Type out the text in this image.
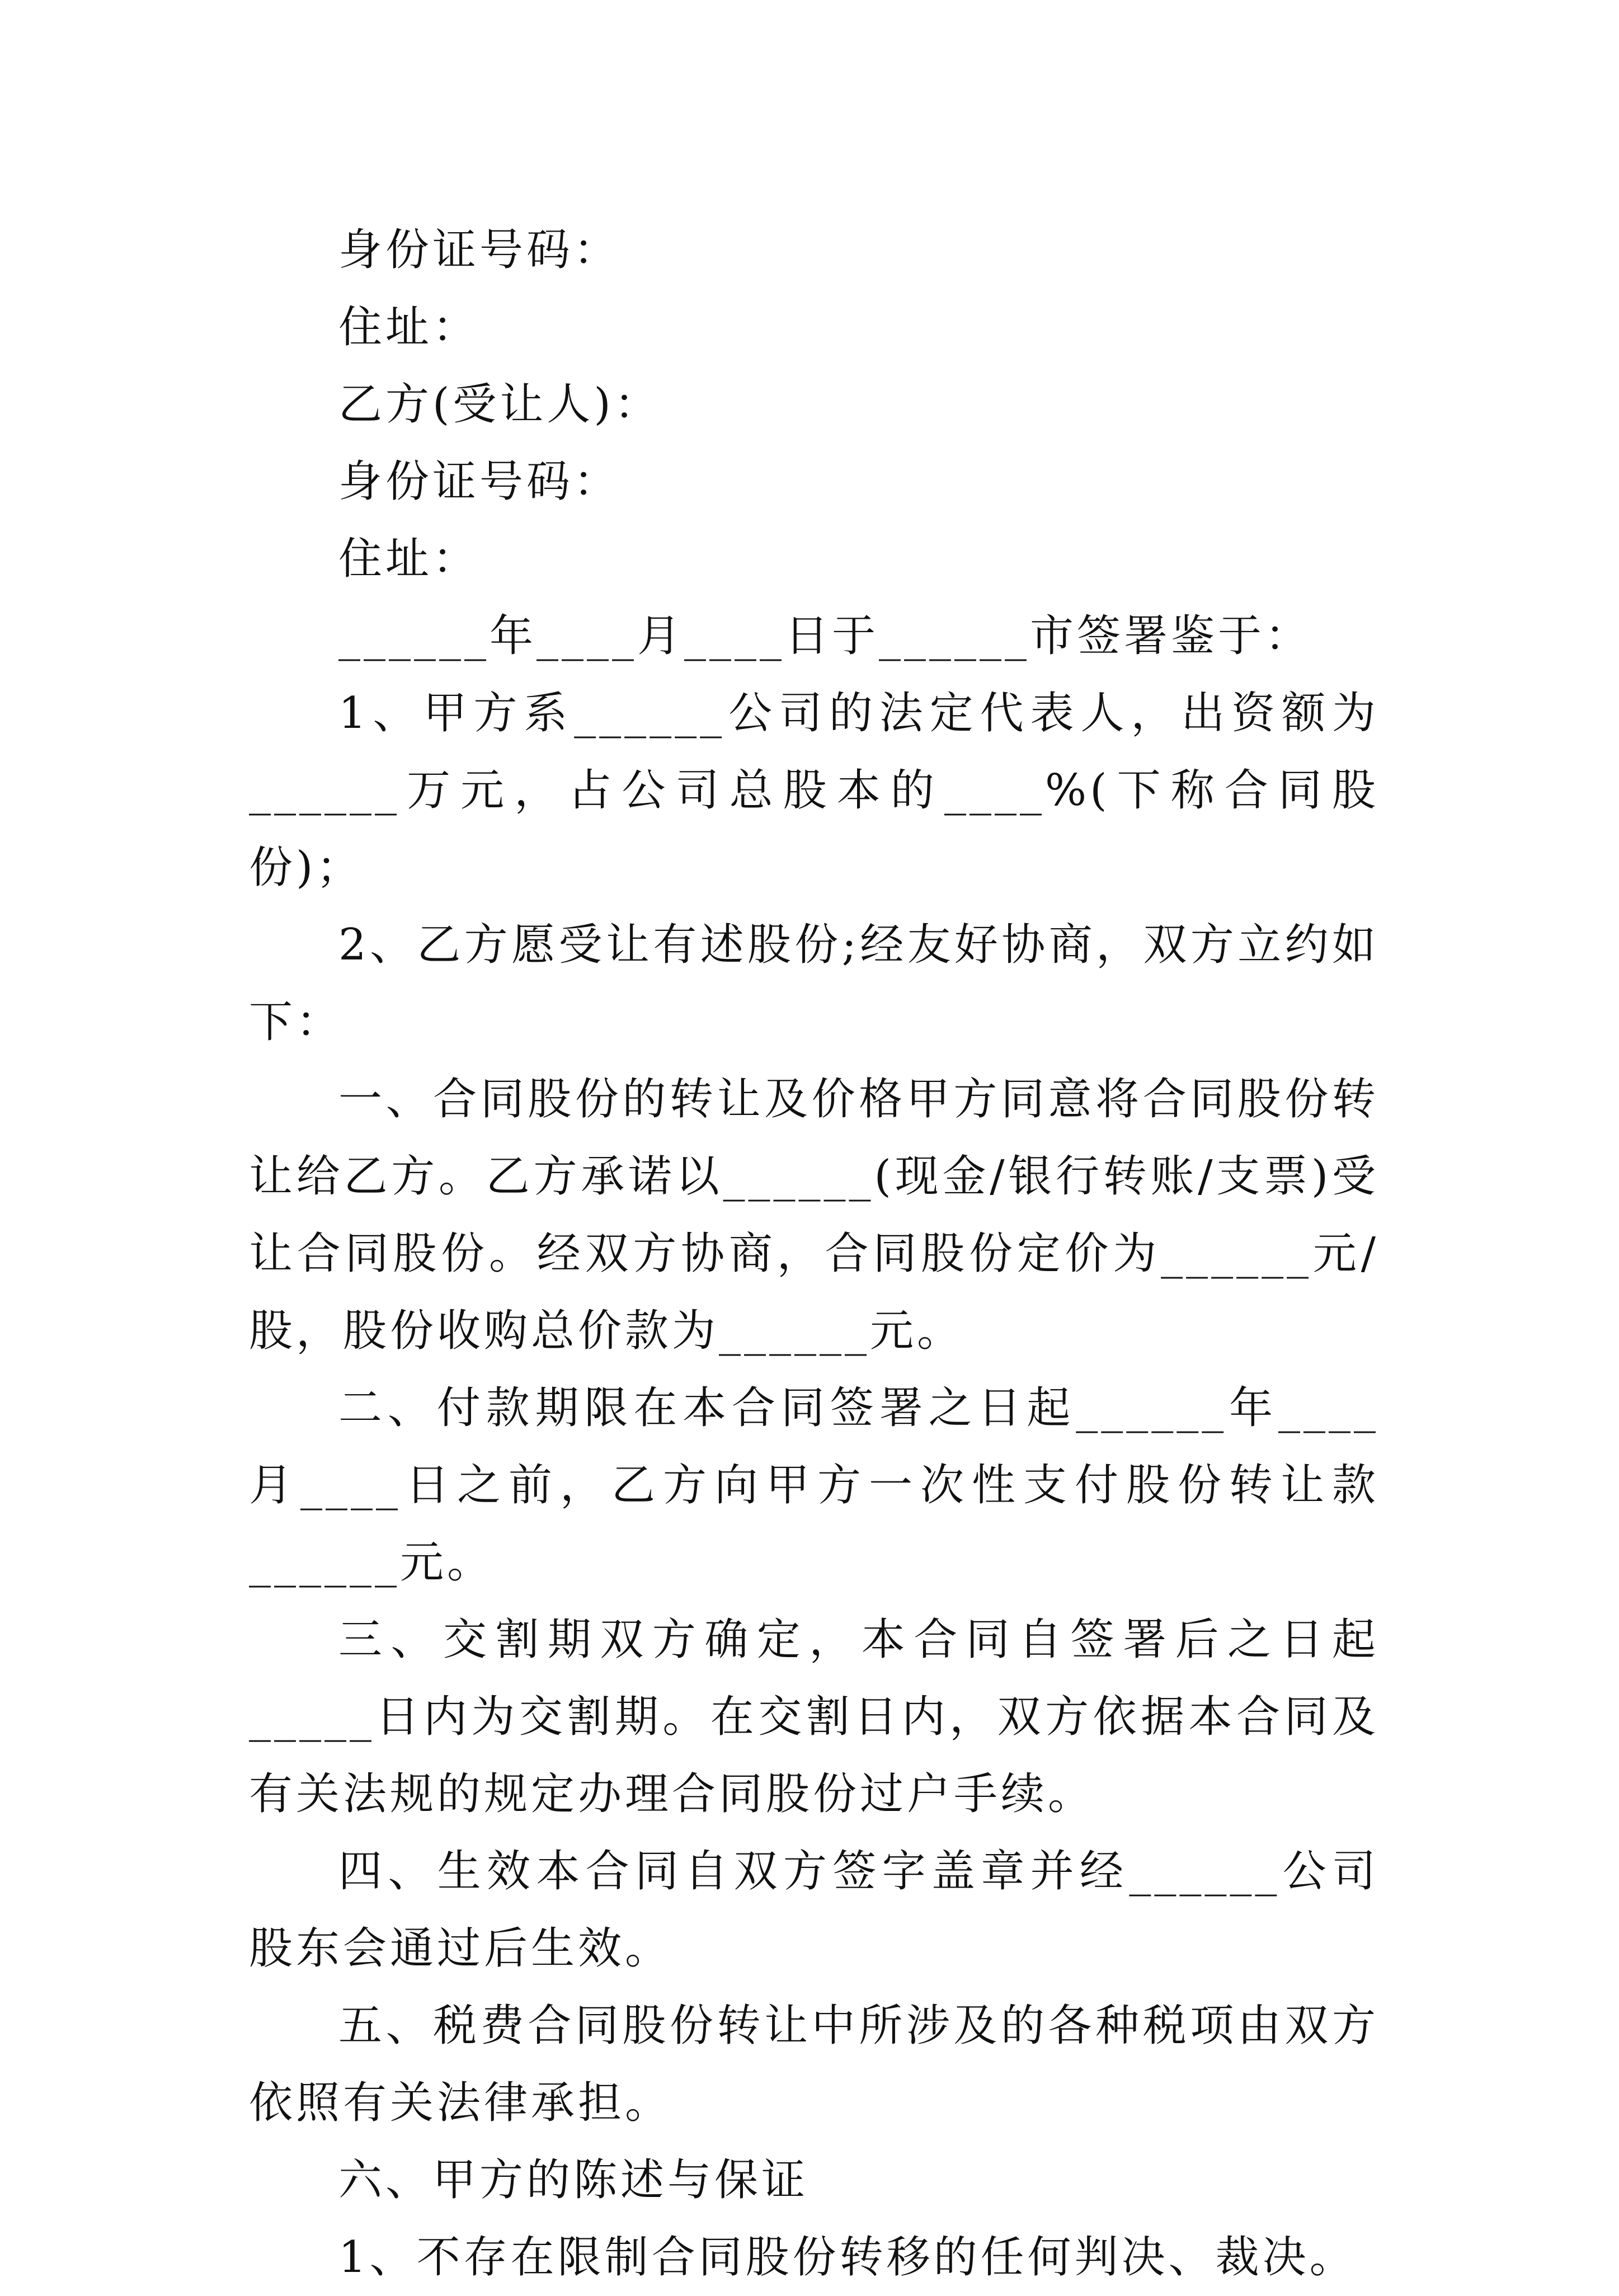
身份证号码：
住址：
乙方(受让人)：
身份证号码：
住址：
______年____月____日于______市签署鉴于：

1、甲方系______公司的法定代表人，出资额为______万元，占公司总股本的____%(下称合同股份)；

2、乙方愿受让有述股份;经友好协商，双方立约如下：

一、合同股份的转让及价格甲方同意将合同股份转让给乙方。乙方承诺以______(现金/银行转账/支票)受让合同股份。经双方协商，合同股份定价为______元/股，股份收购总价款为______元。

二、付款期限在本合同签署之日起______年____月____日之前，乙方向甲方一次性支付股份转让款______元。

三、交割期双方确定，本合同自签署后之日起_____日内为交割期。在交割日内，双方依据本合同及有关法规的规定办理合同股份过户手续。

四、生效本合同自双方签字盖章并经______公司股东会通过后生效。

五、税费合同股份转让中所涉及的各种税项由双方依照有关法律承担。

六、甲方的陈述与保证

1、不存在限制合同股份转移的任何判决、裁决。
